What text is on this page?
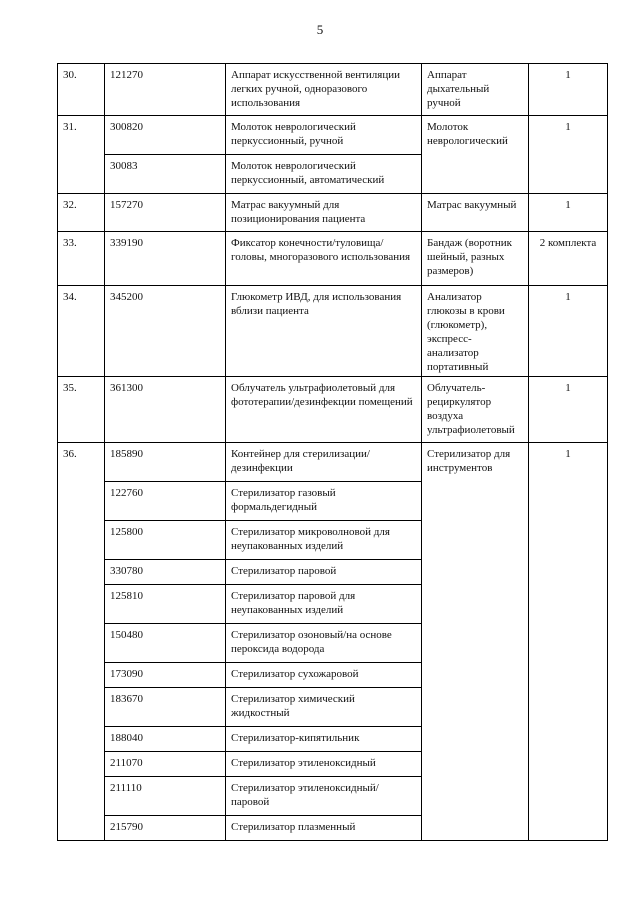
5
30.	121270	Аппарат искусственной вентиляции легких ручной, одноразового использования	Аппарат дыхательный ручной	1
31.	300820	Молоток неврологический перкуссионный, ручной	Молоток неврологический	1
	30083	Молоток неврологический перкуссионный, автоматический		
32.	157270	Матрас вакуумный для позиционирования пациента	Матрас вакуумный	1
33.	339190	Фиксатор конечности/туловища/головы, многоразового использования	Бандаж (воротник шейный, разных размеров)	2 комплекта
34.	345200	Глюкометр ИВД, для использования вблизи пациента	Анализатор глюкозы в крови (глюкометр), экспресс-анализатор портативный	1
35.	361300	Облучатель ультрафиолетовый для фототерапии/дезинфекции помещений	Облучатель-рециркулятор воздуха ультрафиолетовый	1
36.	185890	Контейнер для стерилизации/дезинфекции	Стерилизатор для инструментов	1
	122760	Стерилизатор газовый формальдегидный		
	125800	Стерилизатор микроволновой для неупакованных изделий		
	330780	Стерилизатор паровой		
	125810	Стерилизатор паровой для неупакованных изделий		
	150480	Стерилизатор озоновый/на основе пероксида водорода		
	173090	Стерилизатор сухожаровой		
	183670	Стерилизатор химический жидкостный		
	188040	Стерилизатор-кипятильник		
	211070	Стерилизатор этиленоксидный		
	211110	Стерилизатор этиленоксидный/паровой		
	215790	Стерилизатор плазменный		
